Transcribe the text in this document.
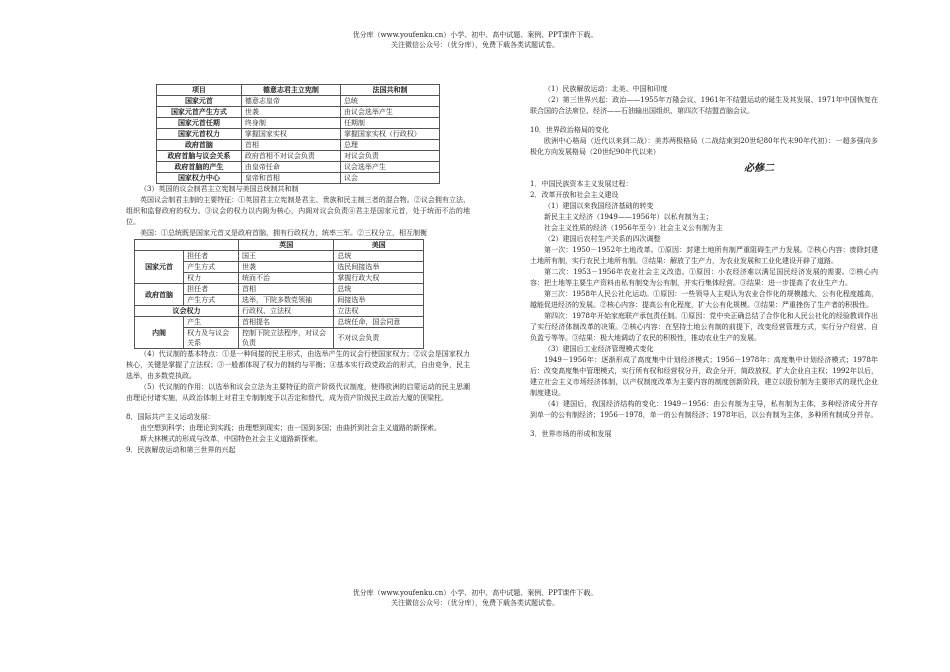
优分库（www.youfenku.cn）小学、初中、高中试题、案例、PPT课件下载。
关注微信公众号：（优分库），免费下载各类试题试卷。
项目	德意志君主立宪制	法国共和制
国家元首	德意志皇帝	总统
国家元首产生方式	世袭	由议会选举产生
国家元首任期	终身制	任期制
国家元首权力	掌握国家实权	掌握国家实权（行政权）
政府首脑	首相	总理
政府首脑与议会关系	政府首相不对议会负责	对议会负责
政府首脑的产生	由皇帝任命	议会选举产生
国家权力中心	皇帝和首相	议会

（3）英国的议会制君主立宪制与美国总统制共和制

英国议会制君主制的主要特征：①英国君主立宪制是君主、贵族和民主制三者的混合物。②议会拥有立法、组织和监督政府的权力。③议会的权力以内阁为核心，内阁对议会负责④君主是国家元首，处于统而不治的地位。

美国：①总统既是国家元首又是政府首脑，拥有行政权力，统率三军。②三权分立，相互制衡

		英国	美国
国家元首	担任者	国王	总统
	产生方式	世袭	选民间接选举
	权力	统而不治	掌握行政大权
政府首脑	担任者	首相	总统
	产生方式	选举，下院多数党领袖	间接选举
议会权力		行政权、立法权	立法权
内阁	产生	首相提名	总统任命，国会同意
	权力及与议会关系	控制下院立法程序，对议会负责	不对议会负责

（4）代议制的基本特点：①是一种间接的民主形式，由选举产生的议会行使国家权力；②议会是国家权力核心，关键是掌握了立法权；③一般都体现了权力的制约与平衡；④基本实行政党政治的形式，自由竞争，民主选举，由多数党执政。

（5）代议制的作用：以选举和议会立法为主要特征的资产阶级代议制度，使得欧洲的启蒙运动的民主思潮由理论付诸实施，从政治体制上对君主专制制度予以否定和替代，成为资产阶级民主政治大厦的顶梁柱。

8．国际共产主义运动发展：

由空想到科学；由理论到实践；由理想到现实；由一国到多国；由曲折到社会主义道路的新探索。

斯大林模式的形成与改革，中国特色社会主义道路新探索。

9．民族解放运动和第三世界的兴起

（1）民族解放运动：北美、中国和印度

（2）第三世界兴起：政治——1955年万隆会议、1961年不结盟运动的诞生及其发展、1971年中国恢复在联合国的合法席位、经济——石油输出国组织、第四次不结盟首脑会议。

10．世界政治格局的变化

欧洲中心格局（近代以来到二战）：美苏两极格局（二战结束到20世纪80年代末90年代初）：一超多强向多极化方向发展格局（20世纪90年代以来）

必修二

1．中国民族资本主义发展过程：

2．改革开放和社会主义建设

（1）建国以来我国经济基础的转变

新民主主义经济（1949——1956年）以私有制为主；

社会主义性质的经济（1956年至今）社会主义公有制为主

（2）建国后农村生产关系的四次调整

第一次：1950－1952年土地改革。①原因：封建土地所有制严重阻碍生产力发展。②核心内容：废除封建土地所有制，实行农民土地所有制。③结果：解放了生产力，为农业发展和工业化建设开辟了道路。

第二次：1953－1956年农业社会主义改造。①原因：小农经济难以满足国民经济发展的需要。②核心内容：把土地等主要生产资料由私有制变为公有制，并实行集体经营。③结果：进一步提高了农业生产力。

第三次：1958年人民公社化运动。①原因：一些领导人主观认为农业合作化的规模越大，公有化程度越高，越能促进经济的发展。②核心内容：提高公有化程度，扩大公有化规模。③结果：严重挫伤了生产者的积极性。

第四次：1978年开始家庭联产承包责任制。①原因：党中央正确总结了合作化和人民公社化的经验教训作出了实行经济体制改革的决策。②核心内容：在坚持土地公有制的前提下，改变经营管理方式，实行分户经营、自负盈亏等等。③结果：极大地调动了农民的积极性，推动农业生产的发展。

（3）建国后工业经济管理模式变化

1949－1956年：逐渐形成了高度集中计划经济模式；1956－1978年：高度集中计划经济模式；1978年后：改变高度集中管理模式，实行所有权和经营权分开，政企分开，简政放权，扩大企业自主权；1992年以后，建立社会主义市场经济体制，以产权制度改革为主要内容的制度创新阶段，建立以股份制为主要形式的现代企业制度建设。

（4）建国后，我国经济结构的变化：1949－1956：由公有制为主导，私有制为主体，多种经济成分并存到单一的公有制经济；1956－1978，单一的公有制经济；1978年后，以公有制为主体，多种所有制成分并存。

3．世界市场的形成和发展

优分库（www.youfenku.cn）小学、初中、高中试题、案例、PPT课件下载。
关注微信公众号：（优分库），免费下载各类试题试卷。
